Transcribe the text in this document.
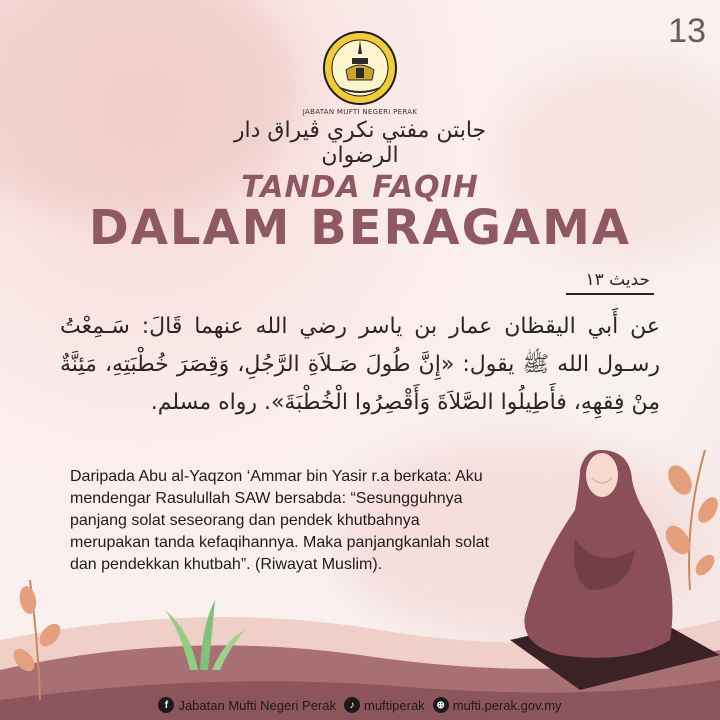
13
JABATAN MUFTI NEGERI PERAK
جابتن مفتي نكري ڤيراق دار الرضوان
TANDA FAQIH
DALAM BERAGAMA
حديث ١٣
عن أَبي اليقظان عمار بن ياسر رضي الله عنهما قَالَ: سَـمِعْتُ رسـول الله ﷺ يقول: «إِنَّ طُولَ صَـلاَةِ الرَّجُلِ، وَقِصَرَ خُطْبَتِهِ، مَئِنَّةٌ مِنْ فِقهِهِ، فأَطِيلُوا الصَّلاَةَ وَأَقْصِرُوا الْخُطْبَةَ». رواه مسلم.
Daripada Abu al-Yaqzon ‘Ammar bin Yasir r.a berkata: Aku mendengar Rasulullah SAW bersabda: “Sesungguhnya panjang solat seseorang dan pendek khutbahnya merupakan tanda kefaqihannya. Maka panjangkanlah solat dan pendekkan khutbah”. (Riwayat Muslim).
f Jabatan Mufti Negeri Perak	♪ muftiperak	⊕ mufti.perak.gov.my
